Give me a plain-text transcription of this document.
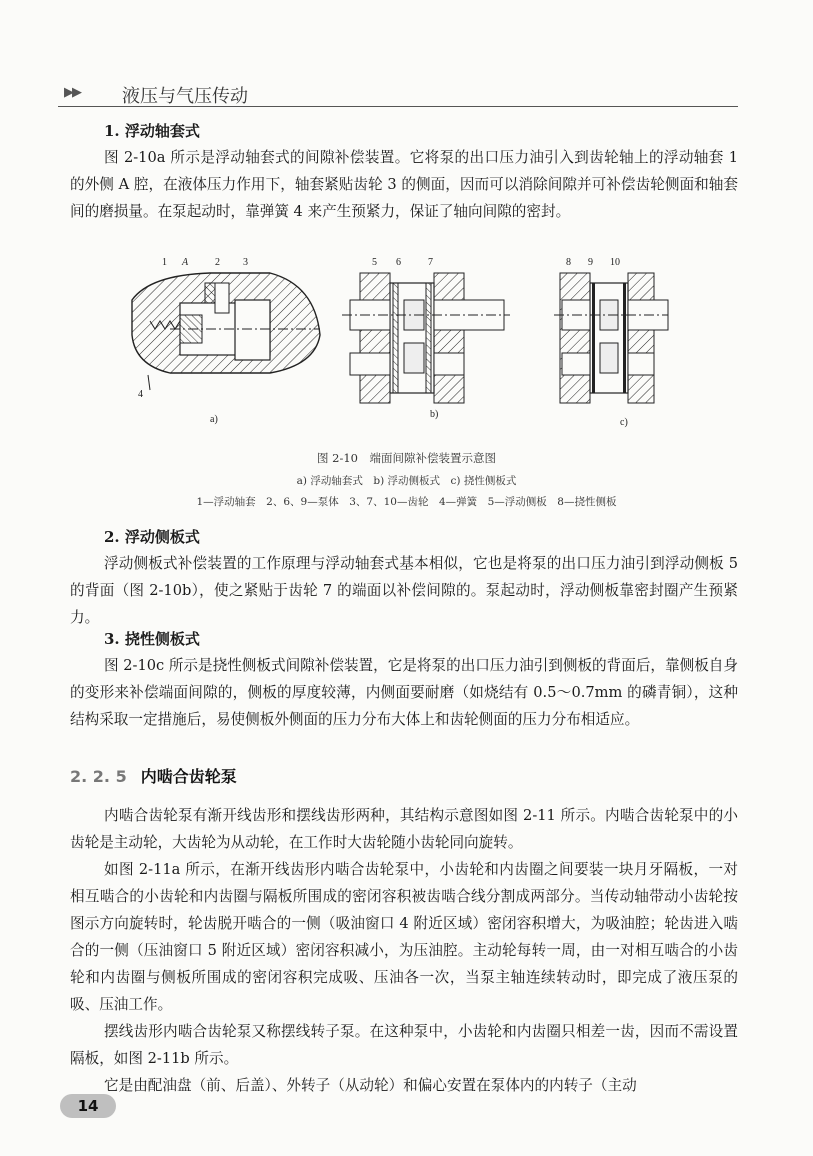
▶▶ 液压与气压传动
1. 浮动轴套式

图 2-10a 所示是浮动轴套式的间隙补偿装置。它将泵的出口压力油引入到齿轮轴上的浮动轴套 1 的外侧 A 腔，在液体压力作用下，轴套紧贴齿轮 3 的侧面，因而可以消除间隙并可补偿齿轮侧面和轴套间的磨损量。在泵起动时，靠弹簧 4 来产生预紧力，保证了轴向间隙的密封。

1 A	2 3
4
a)
5 6	7
b)
8 9 10
c)
图 2-10　端面间隙补偿装置示意图
a) 浮动轴套式　b) 浮动侧板式　c) 挠性侧板式
1—浮动轴套　2、6、9—泵体　3、7、10—齿轮　4—弹簧　5—浮动侧板　8—挠性侧板
2. 浮动侧板式

浮动侧板式补偿装置的工作原理与浮动轴套式基本相似，它也是将泵的出口压力油引到浮动侧板 5 的背面（图 2-10b），使之紧贴于齿轮 7 的端面以补偿间隙的。泵起动时，浮动侧板靠密封圈产生预紧力。

3. 挠性侧板式

图 2-10c 所示是挠性侧板式间隙补偿装置，它是将泵的出口压力油引到侧板的背面后，靠侧板自身的变形来补偿端面间隙的，侧板的厚度较薄，内侧面要耐磨（如烧结有 0.5～0.7mm 的磷青铜），这种结构采取一定措施后，易使侧板外侧面的压力分布大体上和齿轮侧面的压力分布相适应。

2. 2. 5 内啮合齿轮泵

内啮合齿轮泵有渐开线齿形和摆线齿形两种，其结构示意图如图 2-11 所示。内啮合齿轮泵中的小齿轮是主动轮，大齿轮为从动轮，在工作时大齿轮随小齿轮同向旋转。

如图 2-11a 所示，在渐开线齿形内啮合齿轮泵中，小齿轮和内齿圈之间要装一块月牙隔板，一对相互啮合的小齿轮和内齿圈与隔板所围成的密闭容积被齿啮合线分割成两部分。当传动轴带动小齿轮按图示方向旋转时，轮齿脱开啮合的一侧（吸油窗口 4 附近区域）密闭容积增大，为吸油腔；轮齿进入啮合的一侧（压油窗口 5 附近区域）密闭容积减小，为压油腔。主动轮每转一周，由一对相互啮合的小齿轮和内齿圈与侧板所围成的密闭容积完成吸、压油各一次，当泵主轴连续转动时，即完成了液压泵的吸、压油工作。

摆线齿形内啮合齿轮泵又称摆线转子泵。在这种泵中，小齿轮和内齿圈只相差一齿，因而不需设置隔板，如图 2-11b 所示。

它是由配油盘（前、后盖）、外转子（从动轮）和偏心安置在泵体内的内转子（主动

14
